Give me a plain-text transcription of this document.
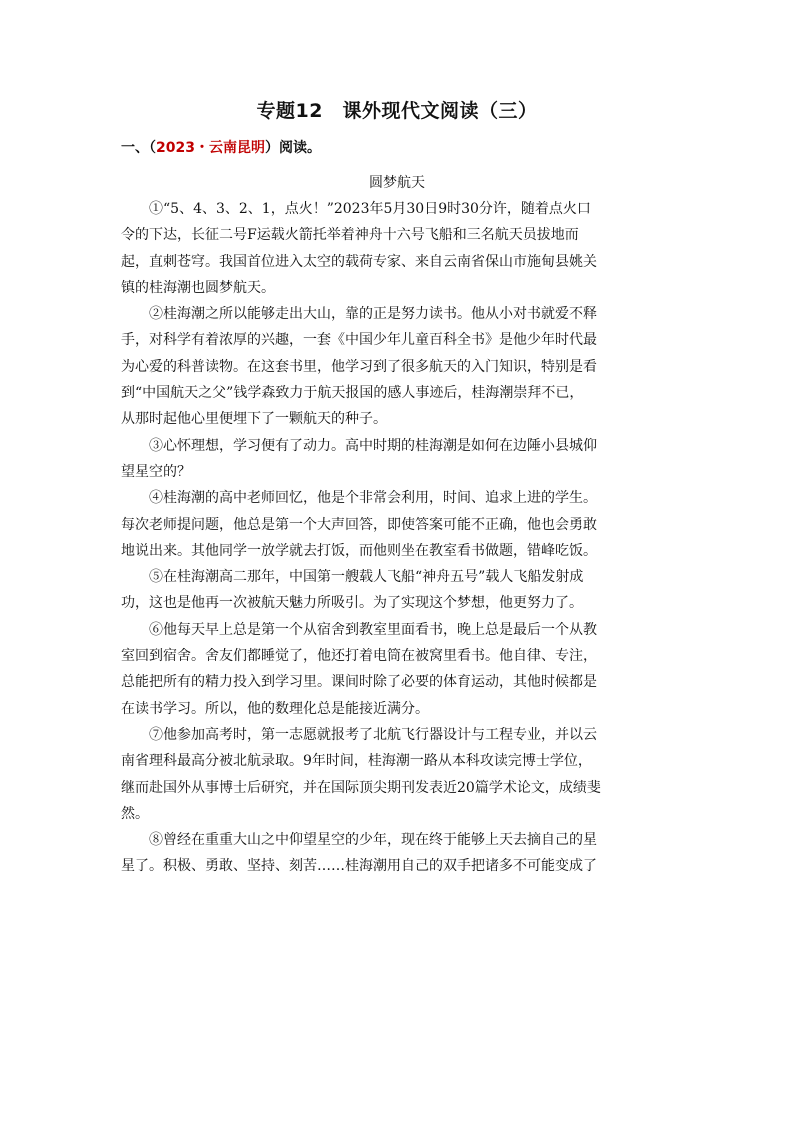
专题12　课外现代文阅读（三）
一、（2023・云南昆明）阅读。
圆梦航天
　　①“5、4、3、2、1，点火！”2023年5月30日9时30分许，随着点火口
令的下达，长征二号F运载火箭托举着神舟十六号飞船和三名航天员拔地而
起，直刺苍穹。我国首位进入太空的载荷专家、来自云南省保山市施甸县姚关
镇的桂海潮也圆梦航天。
　　②桂海潮之所以能够走出大山，靠的正是努力读书。他从小对书就爱不释
手，对科学有着浓厚的兴趣，一套《中国少年儿童百科全书》是他少年时代最
为心爱的科普读物。在这套书里，他学习到了很多航天的入门知识，特别是看
到“中国航天之父”钱学森致力于航天报国的感人事迹后，桂海潮崇拜不已，
从那时起他心里便埋下了一颗航天的种子。
　　③心怀理想，学习便有了动力。高中时期的桂海潮是如何在边陲小县城仰
望星空的？
　　④桂海潮的高中老师回忆，他是个非常会利用，时间、追求上进的学生。
每次老师提问题，他总是第一个大声回答，即使答案可能不正确，他也会勇敢
地说出来。其他同学一放学就去打饭，而他则坐在教室看书做题，错峰吃饭。
　　⑤在桂海潮高二那年，中国第一艘载人飞船“神舟五号”载人飞船发射成
功，这也是他再一次被航天魅力所吸引。为了实现这个梦想，他更努力了。
　　⑥他每天早上总是第一个从宿舍到教室里面看书，晚上总是最后一个从教
室回到宿舍。舍友们都睡觉了，他还打着电筒在被窝里看书。他自律、专注，
总能把所有的精力投入到学习里。课间时除了必要的体育运动，其他时候都是
在读书学习。所以，他的数理化总是能接近满分。
　　⑦他参加高考时，第一志愿就报考了北航飞行器设计与工程专业，并以云
南省理科最高分被北航录取。9年时间，桂海潮一路从本科攻读完博士学位，
继而赴国外从事博士后研究，并在国际顶尖期刊发表近20篇学术论文，成绩斐
然。
　　⑧曾经在重重大山之中仰望星空的少年，现在终于能够上天去摘自己的星
星了。积极、勇敢、坚持、刻苦……桂海潮用自己的双手把诸多不可能变成了
